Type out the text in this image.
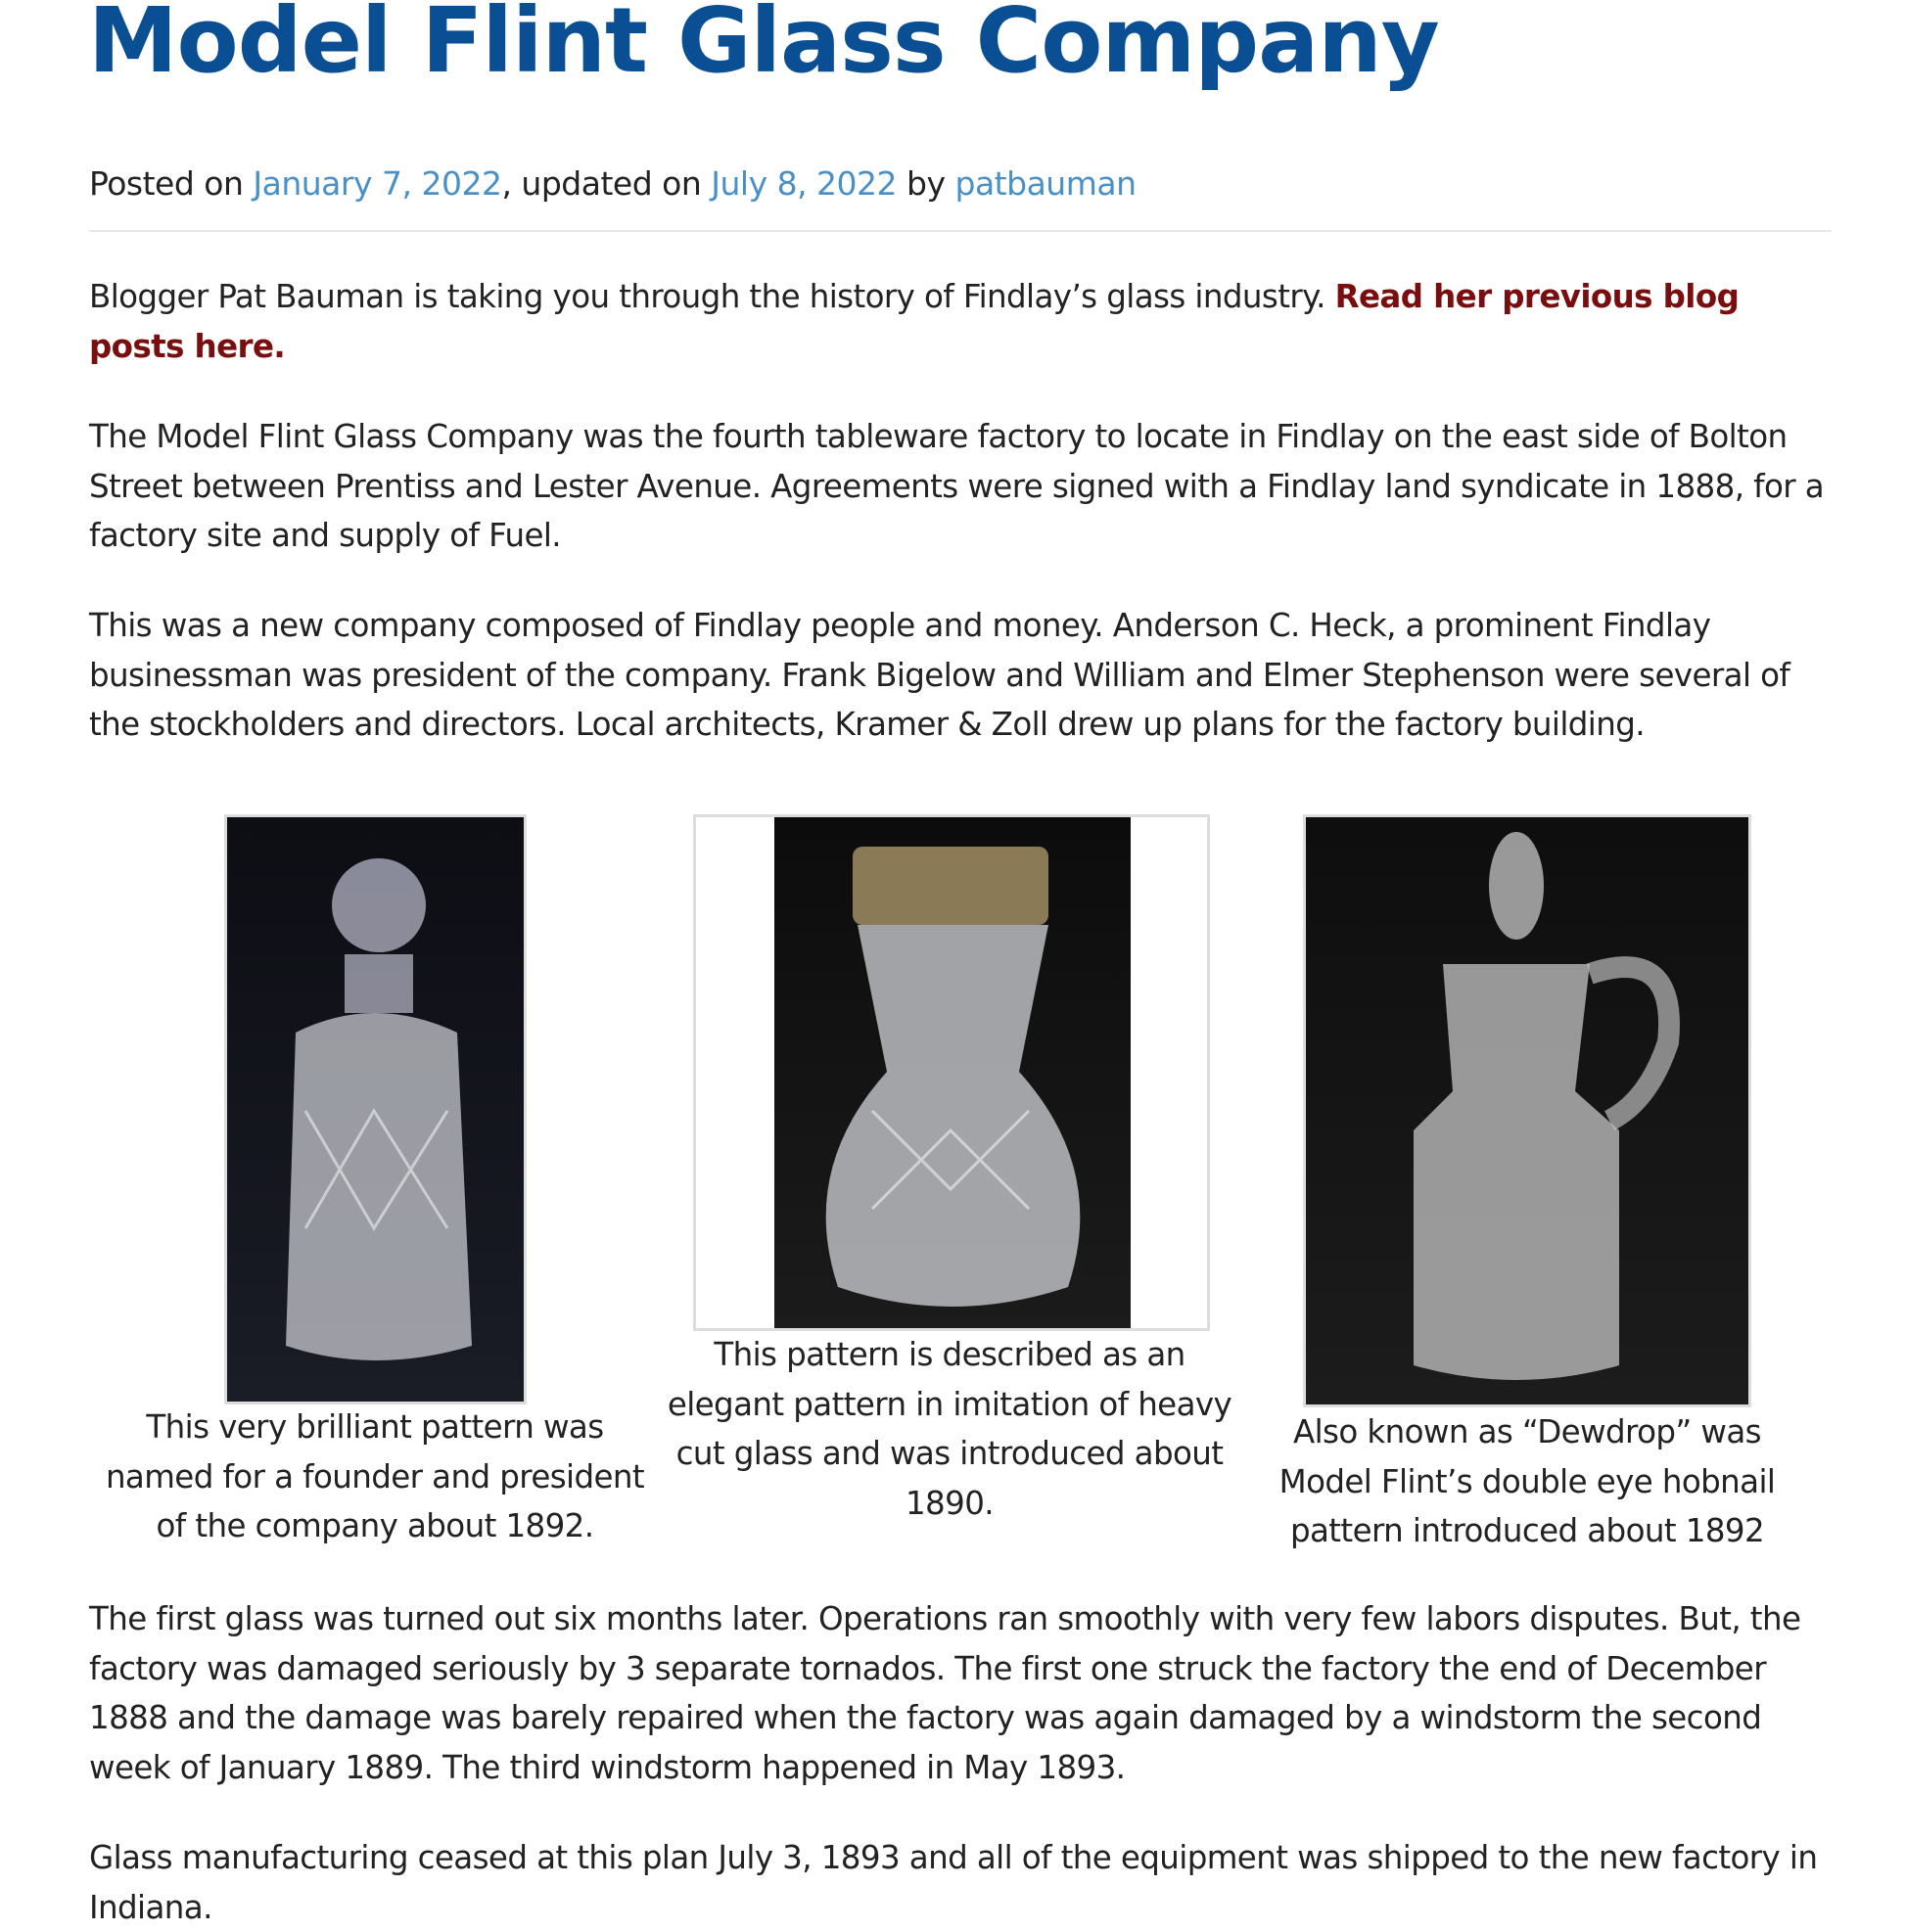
Model Flint Glass Company
Posted on January 7, 2022, updated on July 8, 2022 by patbauman
Blogger Pat Bauman is taking you through the history of Findlay’s glass industry. Read her previous blog posts here.
The Model Flint Glass Company was the fourth tableware factory to locate in Findlay on the east side of Bolton Street between Prentiss and Lester Avenue. Agreements were signed with a Findlay land syndicate in 1888, for a factory site and supply of Fuel.
This was a new company composed of Findlay people and money. Anderson C. Heck, a prominent Findlay businessman was president of the company. Frank Bigelow and William and Elmer Stephenson were several of the stockholders and directors. Local architects, Kramer & Zoll drew up plans for the factory building.
This very brilliant pattern was named for a founder and president of the company about 1892.
This pattern is described as an elegant pattern in imitation of heavy cut glass and was introduced about 1890.
Also known as “Dewdrop” was Model Flint’s double eye hobnail pattern introduced about 1892
The first glass was turned out six months later. Operations ran smoothly with very few labors disputes. But, the factory was damaged seriously by 3 separate tornados. The first one struck the factory the end of December 1888 and the damage was barely repaired when the factory was again damaged by a windstorm the second week of January 1889. The third windstorm happened in May 1893.
Glass manufacturing ceased at this plan July 3, 1893 and all of the equipment was shipped to the new factory in Indiana.
